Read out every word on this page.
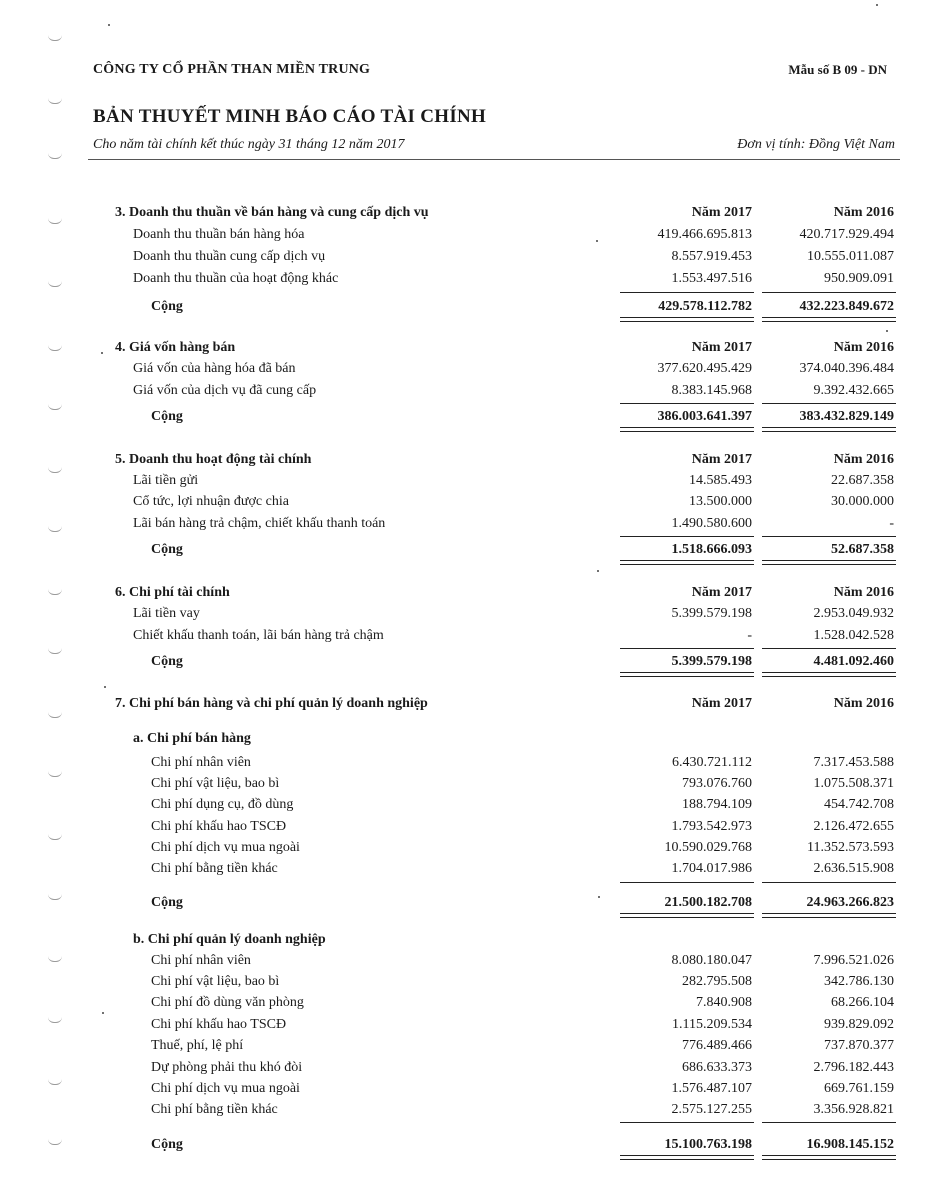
CÔNG TY CỔ PHẦN THAN MIỀN TRUNG	Mẫu số B 09 - DN
BẢN THUYẾT MINH BÁO CÁO TÀI CHÍNH
Cho năm tài chính kết thúc ngày 31 tháng 12 năm 2017	Đơn vị tính: Đồng Việt Nam
3. Doanh thu thuần về bán hàng và cung cấp dịch vụ	Năm 2017	Năm 2016
Doanh thu thuần bán hàng hóa	419.466.695.813	420.717.929.494
Doanh thu thuần cung cấp dịch vụ	8.557.919.453	10.555.011.087
Doanh thu thuần của hoạt động khác	1.553.497.516	950.909.091
Cộng	429.578.112.782	432.223.849.672
4. Giá vốn hàng bán	Năm 2017	Năm 2016
Giá vốn của hàng hóa đã bán	377.620.495.429	374.040.396.484
Giá vốn của dịch vụ đã cung cấp	8.383.145.968	9.392.432.665
Cộng	386.003.641.397	383.432.829.149
5. Doanh thu hoạt động tài chính	Năm 2017	Năm 2016
Lãi tiền gửi	14.585.493	22.687.358
Cổ tức, lợi nhuận được chia	13.500.000	30.000.000
Lãi bán hàng trả chậm, chiết khấu thanh toán	1.490.580.600	-
Cộng	1.518.666.093	52.687.358
6. Chi phí tài chính	Năm 2017	Năm 2016
Lãi tiền vay	5.399.579.198	2.953.049.932
Chiết khấu thanh toán, lãi bán hàng trả chậm	-	1.528.042.528
Cộng	5.399.579.198	4.481.092.460
7. Chi phí bán hàng và chi phí quản lý doanh nghiệp	Năm 2017	Năm 2016
a. Chi phí bán hàng
Chi phí nhân viên	6.430.721.112	7.317.453.588
Chi phí vật liệu, bao bì	793.076.760	1.075.508.371
Chi phí dụng cụ, đồ dùng	188.794.109	454.742.708
Chi phí khấu hao TSCĐ	1.793.542.973	2.126.472.655
Chi phí dịch vụ mua ngoài	10.590.029.768	11.352.573.593
Chi phí bằng tiền khác	1.704.017.986	2.636.515.908
Cộng	21.500.182.708	24.963.266.823
b. Chi phí quản lý doanh nghiệp
Chi phí nhân viên	8.080.180.047	7.996.521.026
Chi phí vật liệu, bao bì	282.795.508	342.786.130
Chi phí đồ dùng văn phòng	7.840.908	68.266.104
Chi phí khấu hao TSCĐ	1.115.209.534	939.829.092
Thuế, phí, lệ phí	776.489.466	737.870.377
Dự phòng phải thu khó đòi	686.633.373	2.796.182.443
Chi phí dịch vụ mua ngoài	1.576.487.107	669.761.159
Chi phí bằng tiền khác	2.575.127.255	3.356.928.821
Cộng	15.100.763.198	16.908.145.152
